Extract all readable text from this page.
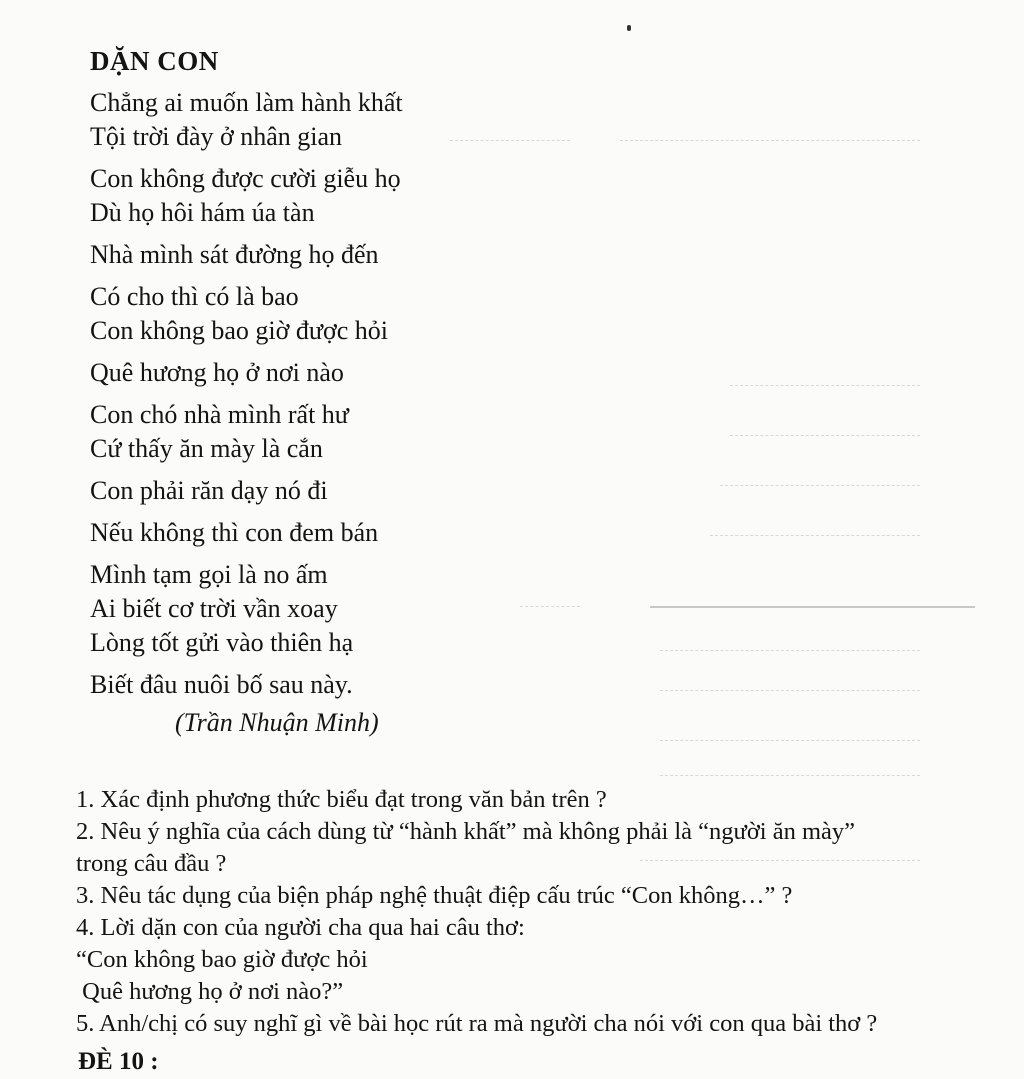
DẶN CON
Chẳng ai muốn làm hành khất
Tội trời đày ở nhân gian
Con không được cười giễu họ
Dù họ hôi hám úa tàn
Nhà mình sát đường họ đến
Có cho thì có là bao
Con không bao giờ được hỏi
Quê hương họ ở nơi nào
Con chó nhà mình rất hư
Cứ thấy ăn mày là cắn
Con phải răn dạy nó đi
Nếu không thì con đem bán
Mình tạm gọi là no ấm
Ai biết cơ trời vần xoay
Lòng tốt gửi vào thiên hạ
Biết đâu nuôi bố sau này.
(Trần Nhuận Minh)
1. Xác định phương thức biểu đạt trong văn bản trên ?
2. Nêu ý nghĩa của cách dùng từ “hành khất” mà không phải là “người ăn mày”
trong câu đầu ?
3. Nêu tác dụng của biện pháp nghệ thuật điệp cấu trúc “Con không…” ?
4. Lời dặn con của người cha qua hai câu thơ:
“Con không bao giờ được hỏi
Quê hương họ ở nơi nào?”
5. Anh/chị có suy nghĩ gì về bài học rút ra mà người cha nói với con qua bài thơ ?
ĐÈ 10 :
